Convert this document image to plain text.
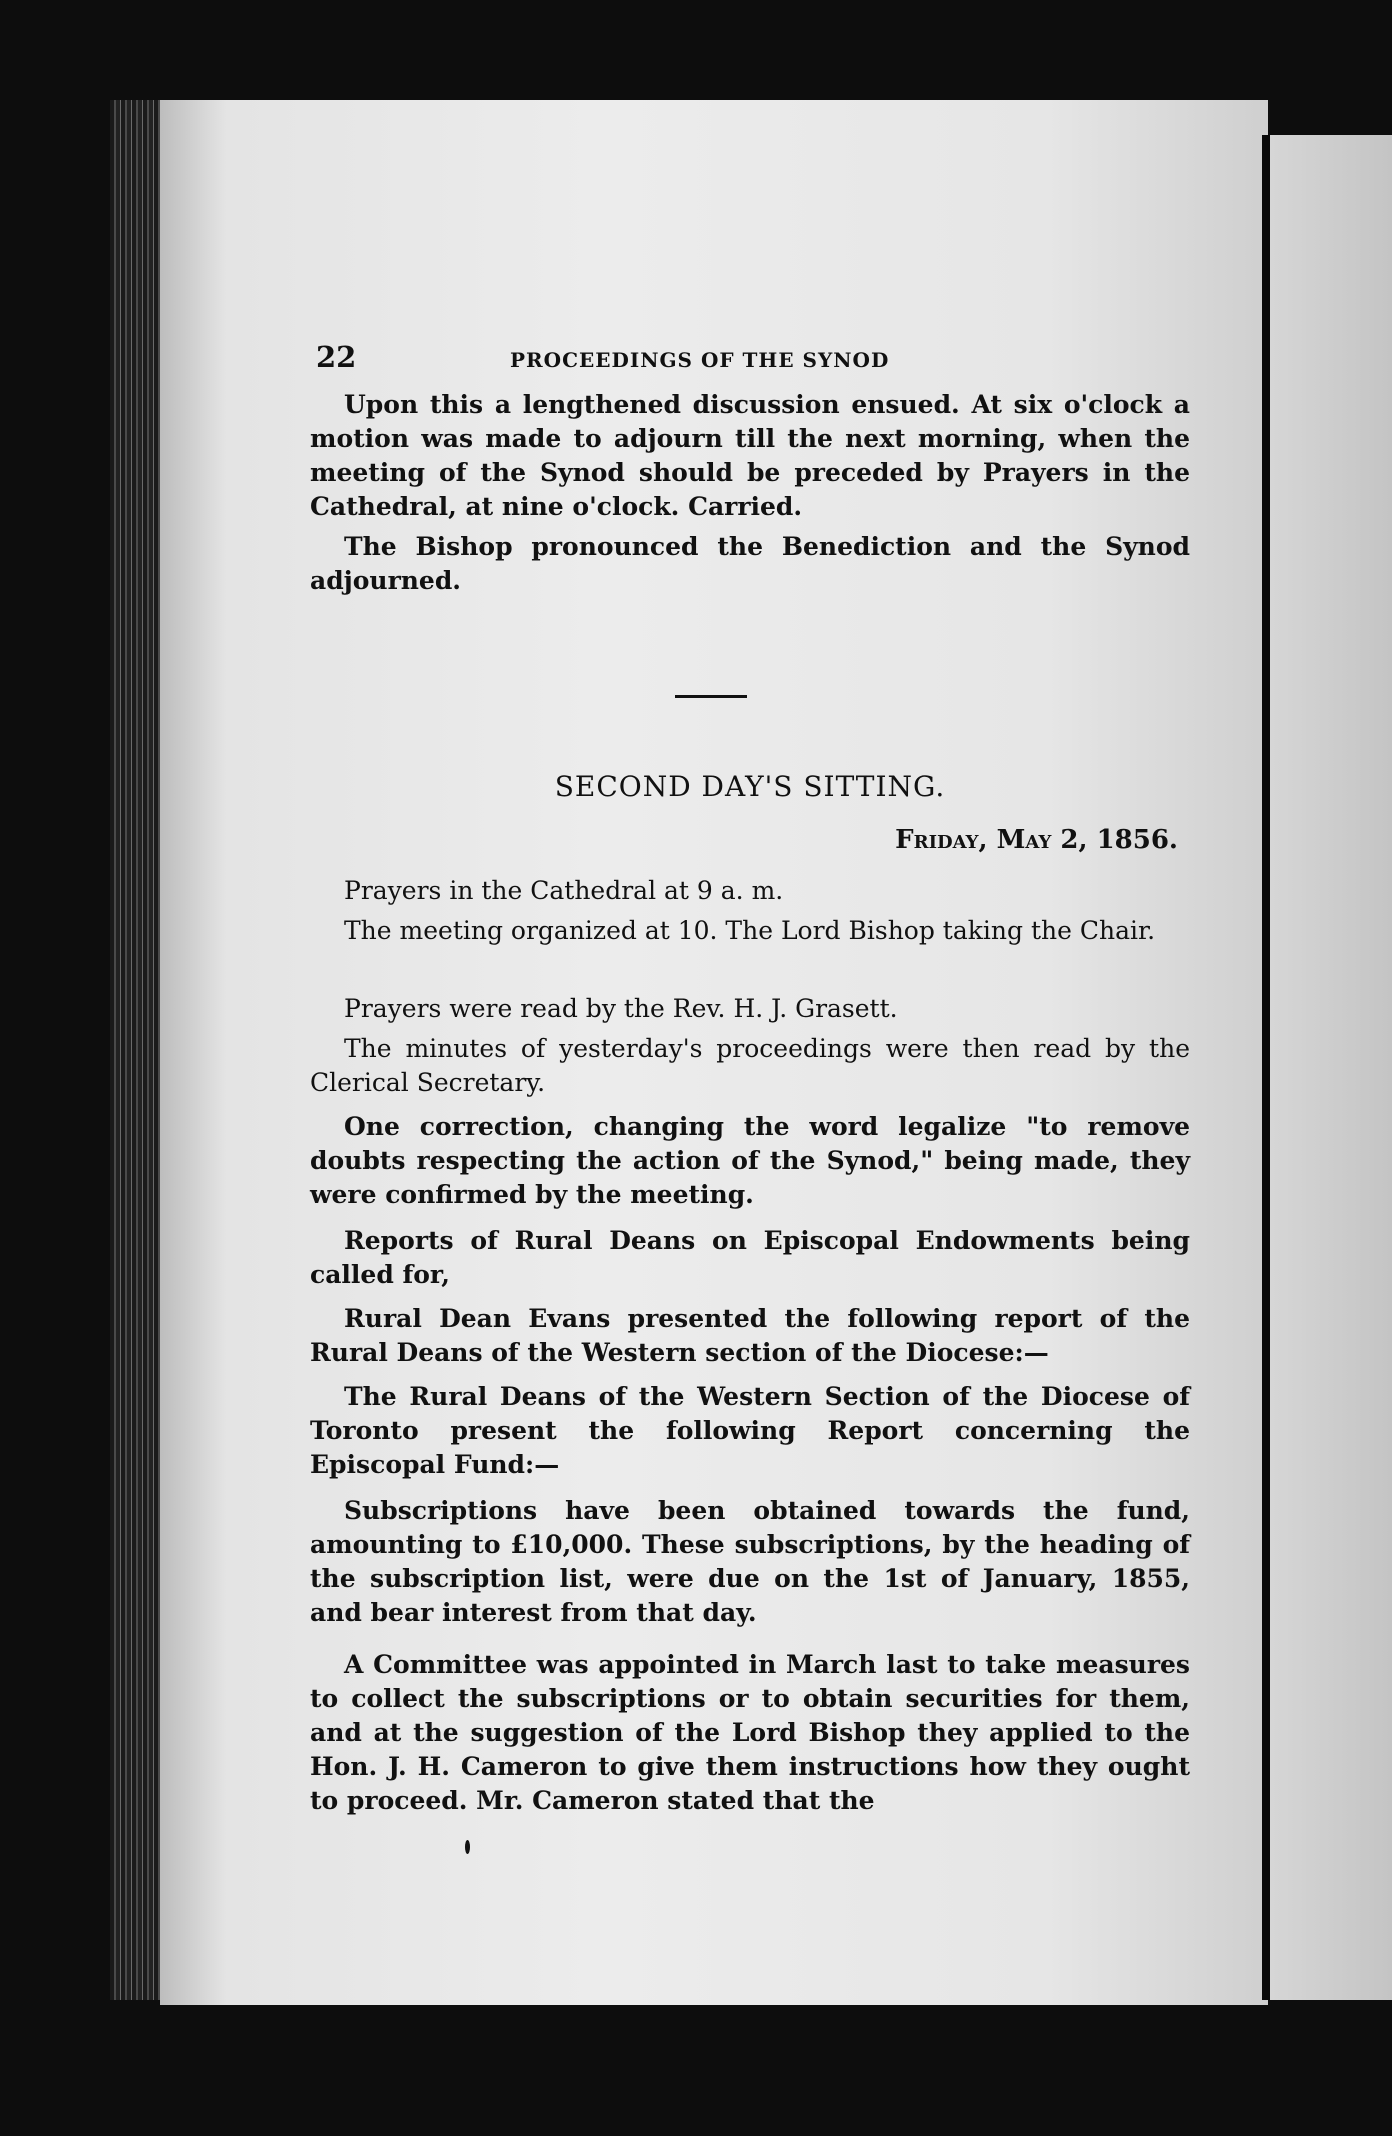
22	PROCEEDINGS OF THE SYNOD
Upon this a lengthened discussion ensued. At six o'clock a motion was made to adjourn till the next morning, when the meeting of the Synod should be preceded by Prayers in the Cathedral, at nine o'clock. Carried.
The Bishop pronounced the Benediction and the Synod adjourned.
SECOND DAY'S SITTING.
Friday, May 2, 1856.
Prayers in the Cathedral at 9 a. m.
The meeting organized at 10. The Lord Bishop taking the Chair.
Prayers were read by the Rev. H. J. Grasett.
The minutes of yesterday's proceedings were then read by the Clerical Secretary.
One correction, changing the word legalize "to remove doubts respecting the action of the Synod," being made, they were confirmed by the meeting.
Reports of Rural Deans on Episcopal Endowments being called for,
Rural Dean Evans presented the following report of the Rural Deans of the Western section of the Diocese:—
The Rural Deans of the Western Section of the Diocese of Toronto present the following Report concerning the Episcopal Fund:—
Subscriptions have been obtained towards the fund, amounting to £10,000. These subscriptions, by the heading of the subscription list, were due on the 1st of January, 1855, and bear interest from that day.
A Committee was appointed in March last to take measures to collect the subscriptions or to obtain securities for them, and at the suggestion of the Lord Bishop they applied to the Hon. J. H. Cameron to give them instructions how they ought to proceed. Mr. Cameron stated that the
